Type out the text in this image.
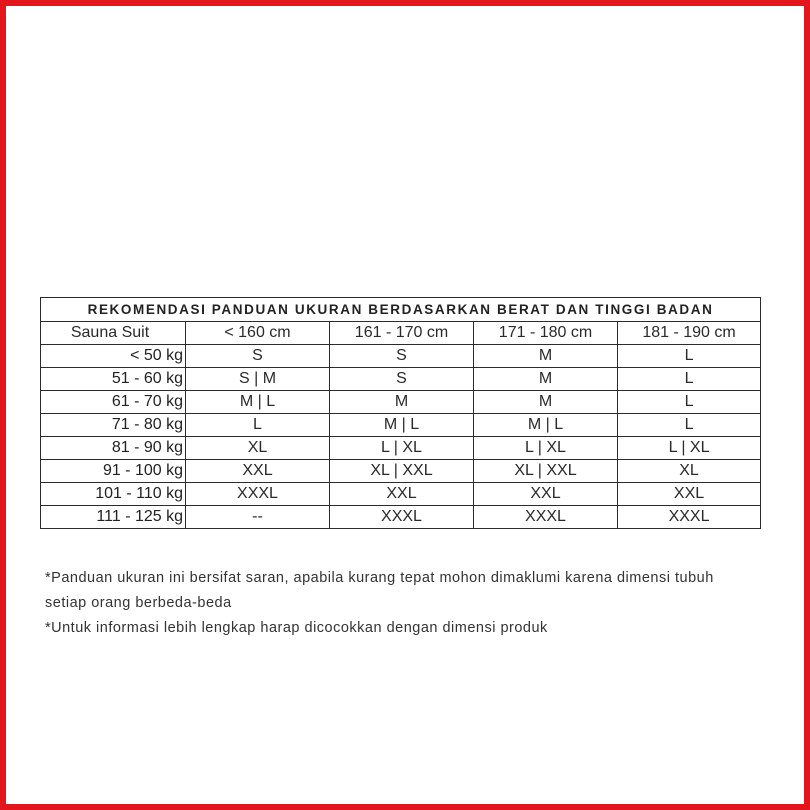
REKOMENDASI PANDUAN UKURAN BERDASARKAN BERAT DAN TINGGI BADAN				
Sauna Suit	< 160 cm	161 - 170 cm	171 - 180 cm	181 - 190 cm
< 50 kg	S	S	M	L
51 - 60 kg	S | M	S	M	L
61 - 70 kg	M | L	M	M	L
71 - 80 kg	L	M | L	M | L	L
81 - 90 kg	XL	L | XL	L | XL	L | XL
91 - 100 kg	XXL	XL | XXL	XL | XXL	XL
101 - 110 kg	XXXL	XXL	XXL	XXL
111 - 125 kg	--	XXXL	XXXL	XXXL
*Panduan ukuran ini bersifat saran, apabila kurang tepat mohon dimaklumi karena dimensi tubuh
setiap orang berbeda-beda
*Untuk informasi lebih lengkap harap dicocokkan dengan dimensi produk
